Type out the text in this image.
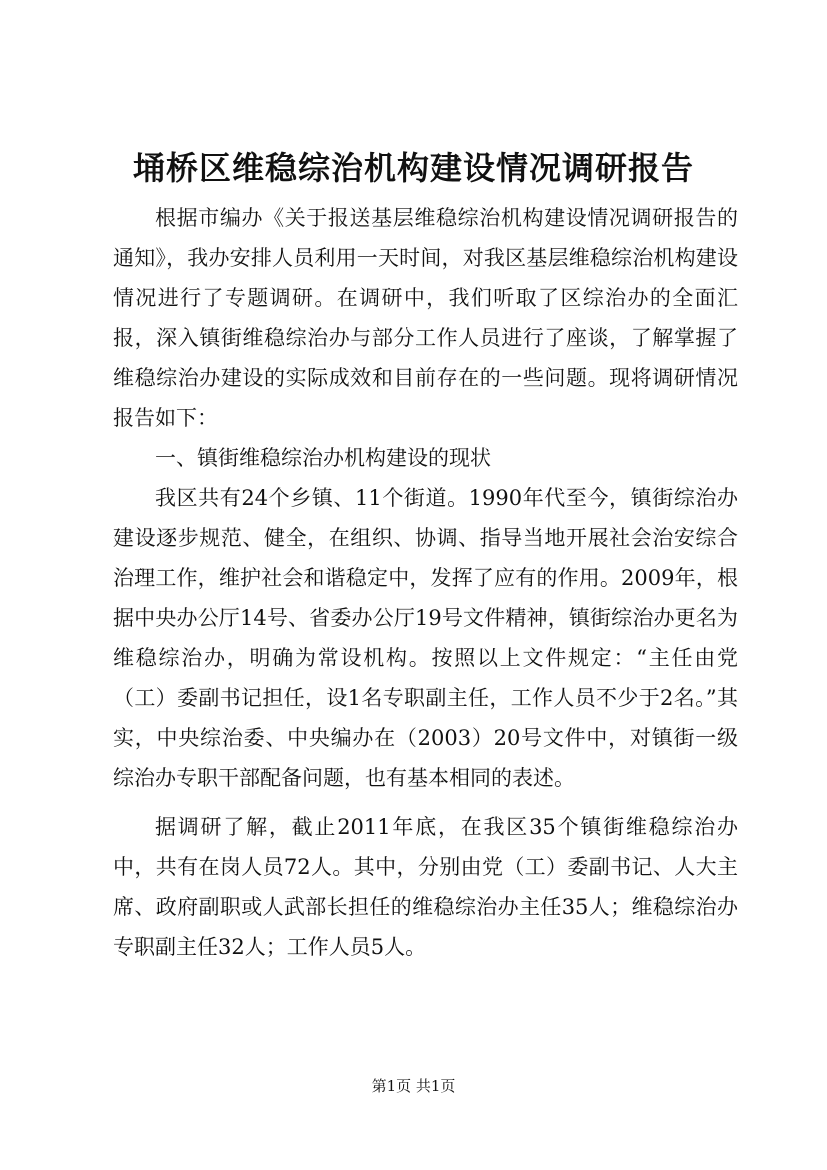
埇桥区维稳综治机构建设情况调研报告

根据市编办《关于报送基层维稳综治机构建设情况调研报告的通知》，我办安排人员利用一天时间，对我区基层维稳综治机构建设情况进行了专题调研。在调研中，我们听取了区综治办的全面汇报，深入镇街维稳综治办与部分工作人员进行了座谈，了解掌握了维稳综治办建设的实际成效和目前存在的一些问题。现将调研情况报告如下：

一、镇街维稳综治办机构建设的现状

我区共有24个乡镇、11个街道。1990年代至今，镇街综治办建设逐步规范、健全，在组织、协调、指导当地开展社会治安综合治理工作，维护社会和谐稳定中，发挥了应有的作用。2009年，根据中央办公厅14号、省委办公厅19号文件精神，镇街综治办更名为维稳综治办，明确为常设机构。按照以上文件规定：“主任由党（工）委副书记担任，设1名专职副主任，工作人员不少于2名。”其实，中央综治委、中央编办在（2003）20号文件中，对镇街一级综治办专职干部配备问题，也有基本相同的表述。

据调研了解，截止2011年底，在我区35个镇街维稳综治办中，共有在岗人员72人。其中，分别由党（工）委副书记、人大主席、政府副职或人武部长担任的维稳综治办主任35人；维稳综治办专职副主任32人；工作人员5人。

第1页 共1页
